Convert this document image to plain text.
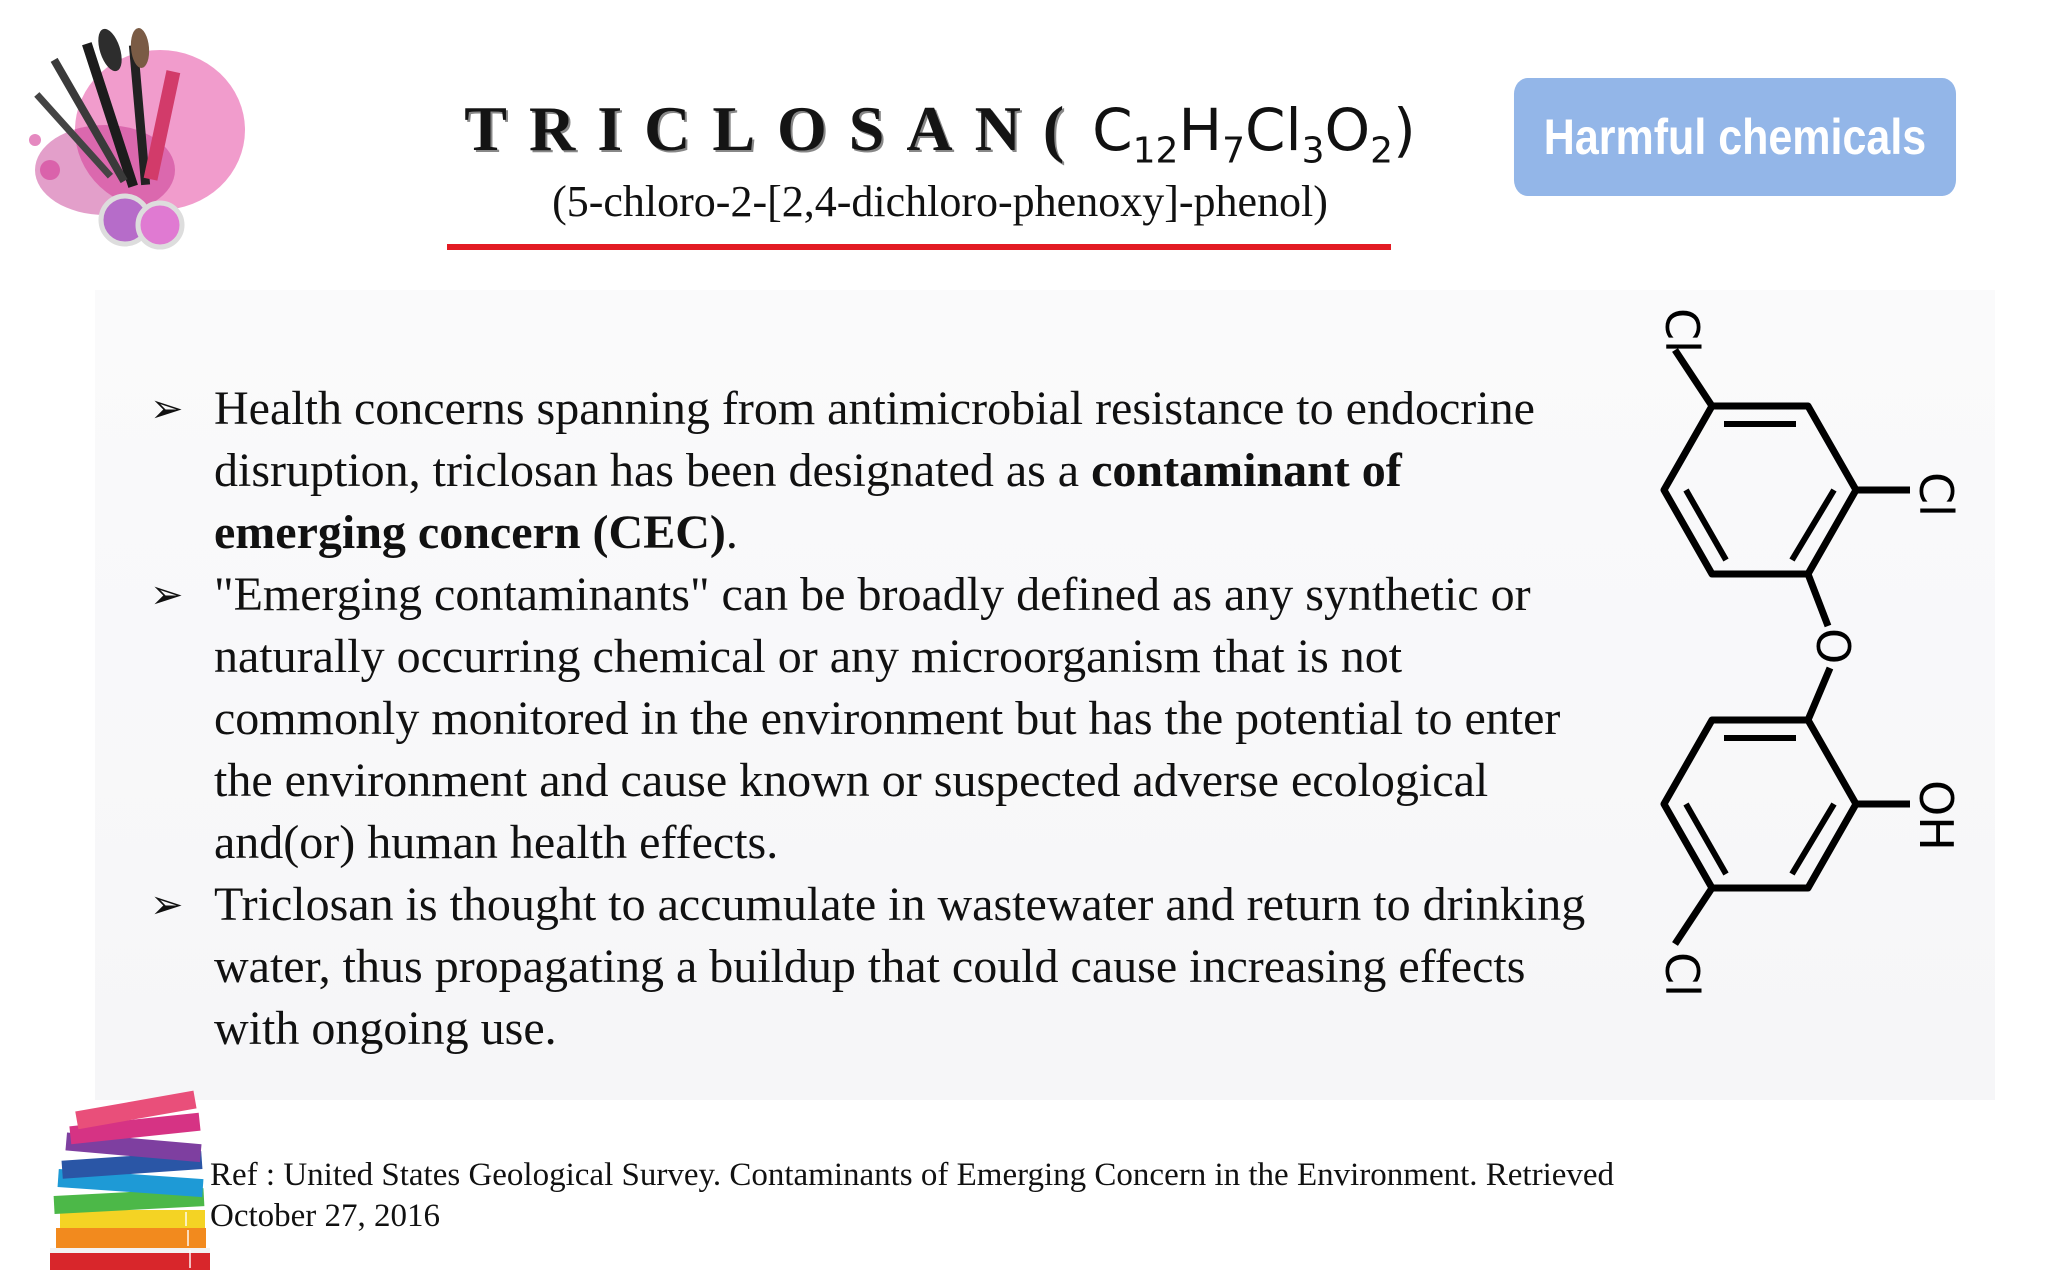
TRICLOSAN( $C_{12}H_7Cl_3O_2$)
(5-chloro-2-[2,4-dichloro-phenoxy]-phenol)
Harmful chemicals
➢ Health concerns spanning from antimicrobial resistance to endocrine disruption, triclosan has been designated as a contaminant of emerging concern (CEC).
➢ "Emerging contaminants" can be broadly defined as any synthetic or naturally occurring chemical or any microorganism that is not commonly monitored in the environment but has the potential to enter the environment and cause known or suspected adverse ecological and(or) human health effects.
➢ Triclosan is thought to accumulate in wastewater and return to drinking water, thus propagating a buildup that could cause increasing effects with ongoing use.
Cl
Cl
O
OH
Cl
Ref : United States Geological Survey. Contaminants of Emerging Concern in the Environment. Retrieved October 27, 2016
